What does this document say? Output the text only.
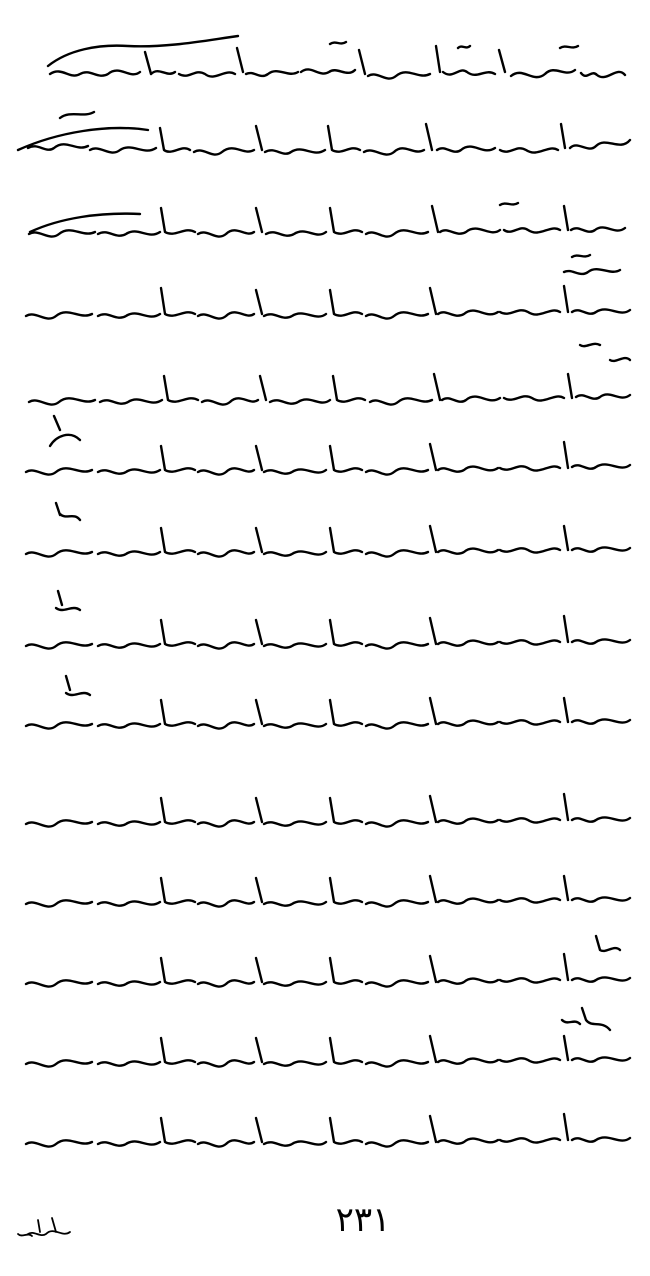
٢٣١
